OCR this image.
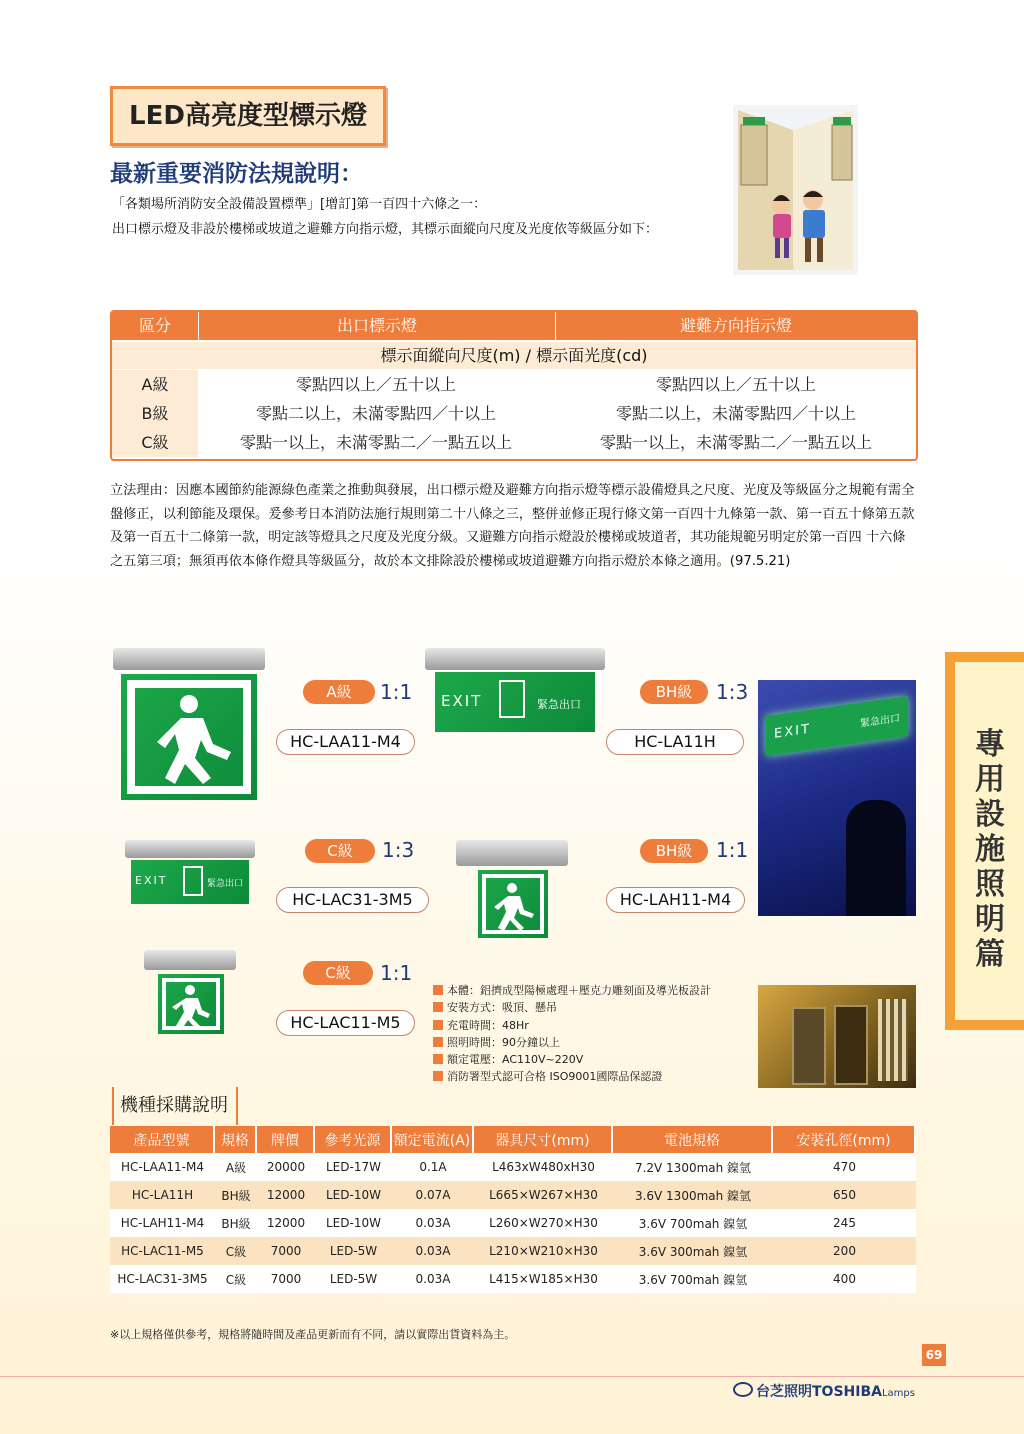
LED高亮度型標示燈
最新重要消防法規說明：
「各類場所消防安全設備設置標準」[增訂]第一百四十六條之一：
出口標示燈及非設於樓梯或坡道之避難方向指示燈，其標示面縱向尺度及光度依等級區分如下：
區分	出口標示燈	避難方向指示燈
標示面縱向尺度(m) / 標示面光度(cd)
A級	零點四以上／五十以上	零點四以上／五十以上
B級	零點二以上，未滿零點四／十以上	零點二以上，未滿零點四／十以上
C級	零點一以上，未滿零點二／一點五以上	零點一以上，未滿零點二／一點五以上
立法理由：因應本國節約能源綠色產業之推動與發展，出口標示燈及避難方向指示燈等標示設備燈具之尺度、光度及等級區分之規範有需全盤修正，以利節能及環保。爰參考日本消防法施行規則第二十八條之三，整併並修正現行條文第一百四十九條第一款、第一百五十條第五款及第一百五十二條第一款，明定該等燈具之尺度及光度分級。又避難方向指示燈設於樓梯或坡道者，其功能規範另明定於第一百四 十六條之五第三項；無須再依本條作燈具等級區分，故於本文排除設於樓梯或坡道避難方向指示燈於本條之適用。(97.5.21)
專用設施照明篇
EXIT	緊急出口
EXIT	緊急出口
A級	1:1
HC-LAA11-M4
BH級	1:3
HC-LA11H
C級	1:3
HC-LAC31-3M5
BH級	1:1
HC-LAH11-M4
C級	1:1
HC-LAC11-M5
EXIT
緊急出口
本體：鋁擠成型陽極處理＋壓克力雕刻面及導光板設計
安裝方式：吸頂、懸吊
充電時間：48Hr
照明時間：90分鐘以上
額定電壓：AC110V~220V
消防署型式認可合格 ISO9001國際品保認證
機種採購說明
產品型號	規格	牌價	參考光源	額定電流(A)	器具尺寸(mm)	電池規格	安裝孔徑(mm)
HC-LAA11-M4	A級	20000	LED-17W	0.1A	L463xW480xH30	7.2V 1300mah 鎳氫	470
HC-LA11H	BH級	12000	LED-10W	0.07A	L665×W267×H30	3.6V 1300mah 鎳氫	650
HC-LAH11-M4	BH級	12000	LED-10W	0.03A	L260×W270×H30	3.6V 700mah 鎳氫	245
HC-LAC11-M5	C級	7000	LED-5W	0.03A	L210×W210×H30	3.6V 300mah 鎳氫	200
HC-LAC31-3M5	C級	7000	LED-5W	0.03A	L415×W185×H30	3.6V 700mah 鎳氫	400
※以上規格僅供參考，規格將隨時間及產品更新而有不同，請以實際出貨資料為主。
69
台芝照明TOSHIBALamps
